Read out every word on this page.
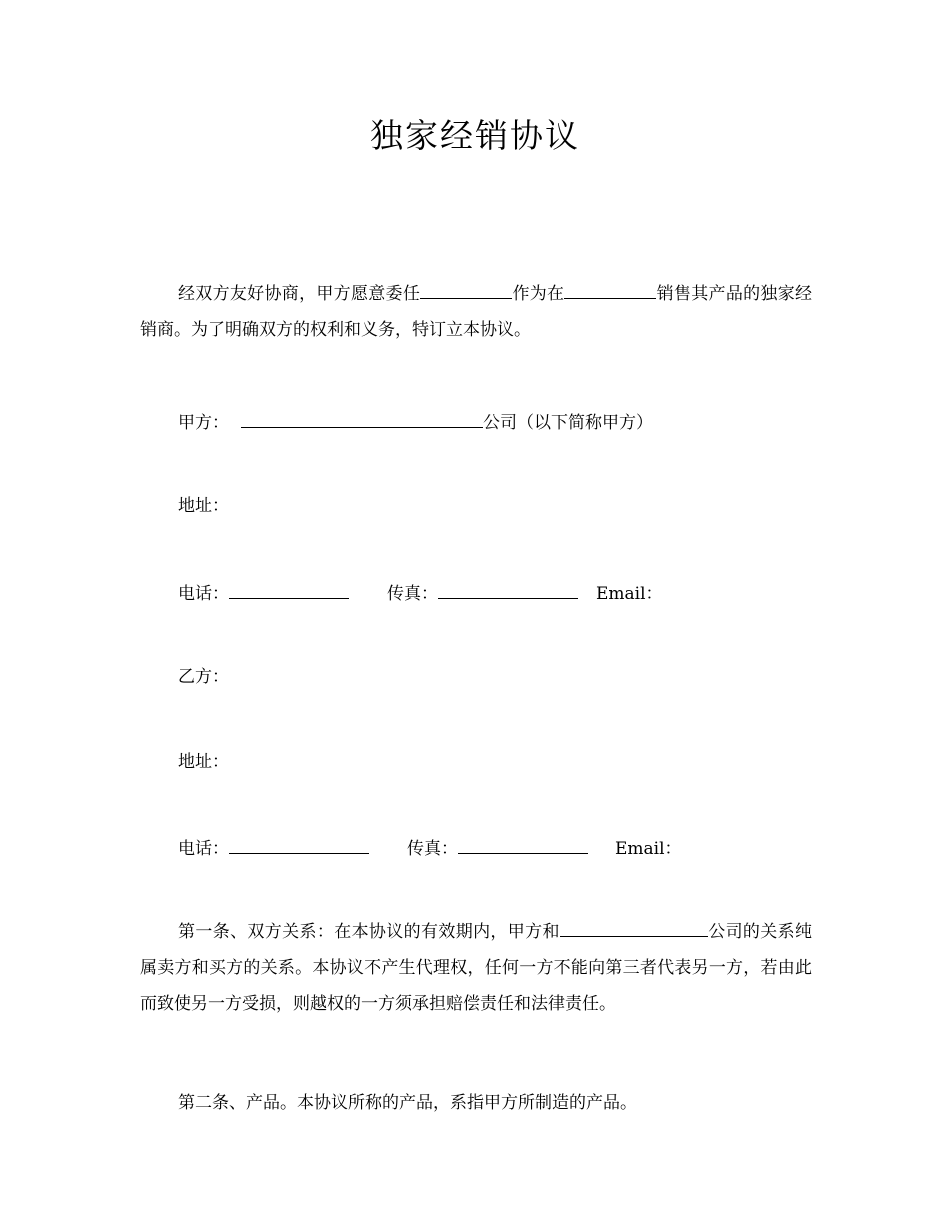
独家经销协议

经双方友好协商，甲方愿意委任	作为在	销售其产品的独家经销商。为了明确双方的权利和义务，特订立本协议。

甲方：	公司（以下简称甲方）
地址：
电话：	传真：	Email：
乙方：
地址：
电话：	传真：	Email：

第一条、双方关系：在本协议的有效期内，甲方和	公司的关系纯属卖方和买方的关系。本协议不产生代理权，任何一方不能向第三者代表另一方，若由此而致使另一方受损，则越权的一方须承担赔偿责任和法律责任。

第二条、产品。本协议所称的产品，系指甲方所制造的产品。
